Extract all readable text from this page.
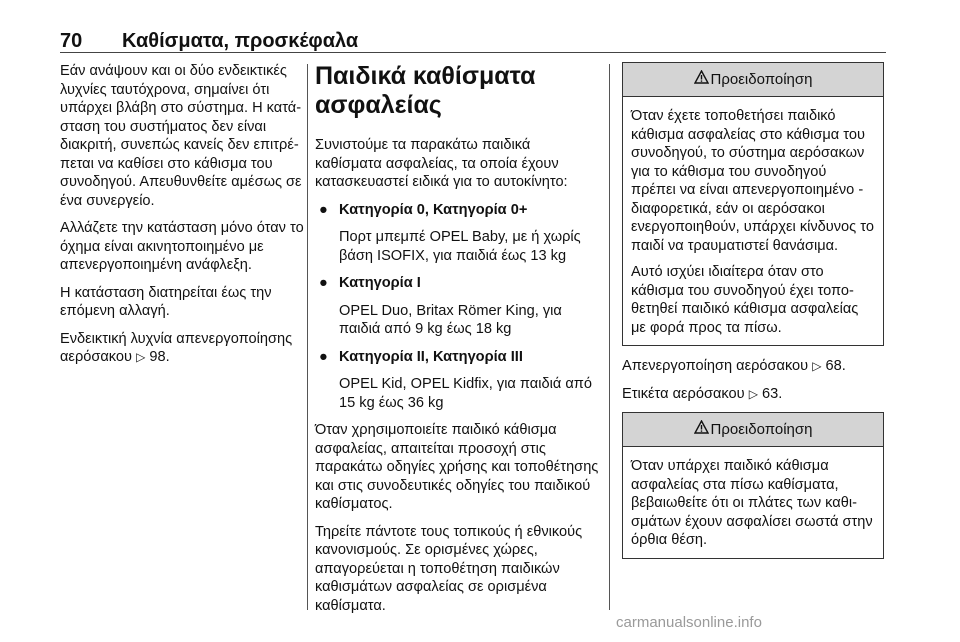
70 Καθίσματα, προσκέφαλα

Εάν ανάψουν και οι δύο ενδεικτικές λυχνίες ταυτόχρονα, σημαίνει ότι υπάρχει βλάβη στο σύστημα. Η κατάσταση του συστήματος δεν είναι διακριτή, συνεπώς κανείς δεν επιτρέπεται να καθίσει στο κάθισμα του συνοδηγού. Απευθυνθείτε αμέσως σε ένα συνεργείο.

Αλλάζετε την κατάσταση μόνο όταν το όχημα είναι ακινητοποιημένο με απενεργοποιημένη ανάφλεξη.

Η κατάσταση διατηρείται έως την επόμενη αλλαγή.

Ενδεικτική λυχνία απενεργοποίησης αερόσακου ▷ 98.

Παιδικά καθίσματα ασφαλείας

Συνιστούμε τα παρακάτω παιδικά καθίσματα ασφαλείας, τα οποία έχουν κατασκευαστεί ειδικά για το αυτοκίνητο:

● Κατηγορία 0, Κατηγορία 0+

Πορτ μπεμπέ OPEL Baby, με ή χωρίς βάση ISOFIX, για παιδιά έως 13 kg

● Κατηγορία I

OPEL Duo, Britax Römer King, για παιδιά από 9 kg έως 18 kg

● Κατηγορία II, Κατηγορία III

OPEL Kid, OPEL Kidfix, για παιδιά από 15 kg έως 36 kg

Όταν χρησιμοποιείτε παιδικό κάθισμα ασφαλείας, απαιτείται προσοχή στις παρακάτω οδηγίες χρήσης και τοποθέτησης και στις συνοδευτικές οδηγίες του παιδικού καθίσματος.

Τηρείτε πάντοτε τους τοπικούς ή εθνικούς κανονισμούς. Σε ορισμένες χώρες, απαγορεύεται η τοποθέτηση παιδικών καθισμάτων ασφαλείας σε ορισμένα καθίσματα.

Προειδοποίηση

Όταν έχετε τοποθετήσει παιδικό κάθισμα ασφαλείας στο κάθισμα του συνοδηγού, το σύστημα αερόσακων για το κάθισμα του συνοδηγού πρέπει να είναι απενεργοποιημένο - διαφορετικά, εάν οι αερόσακοι ενεργοποιηθούν, υπάρχει κίνδυνος το παιδί να τραυματιστεί θανάσιμα.

Αυτό ισχύει ιδιαίτερα όταν στο κάθισμα του συνοδηγού έχει τοποθετηθεί παιδικό κάθισμα ασφαλείας με φορά προς τα πίσω.

Απενεργοποίηση αερόσακου ▷ 68.

Ετικέτα αερόσακου ▷ 63.

Προειδοποίηση

Όταν υπάρχει παιδικό κάθισμα ασφαλείας στα πίσω καθίσματα, βεβαιωθείτε ότι οι πλάτες των καθισμάτων έχουν ασφαλίσει σωστά στην όρθια θέση.

carmanualsonline.info
